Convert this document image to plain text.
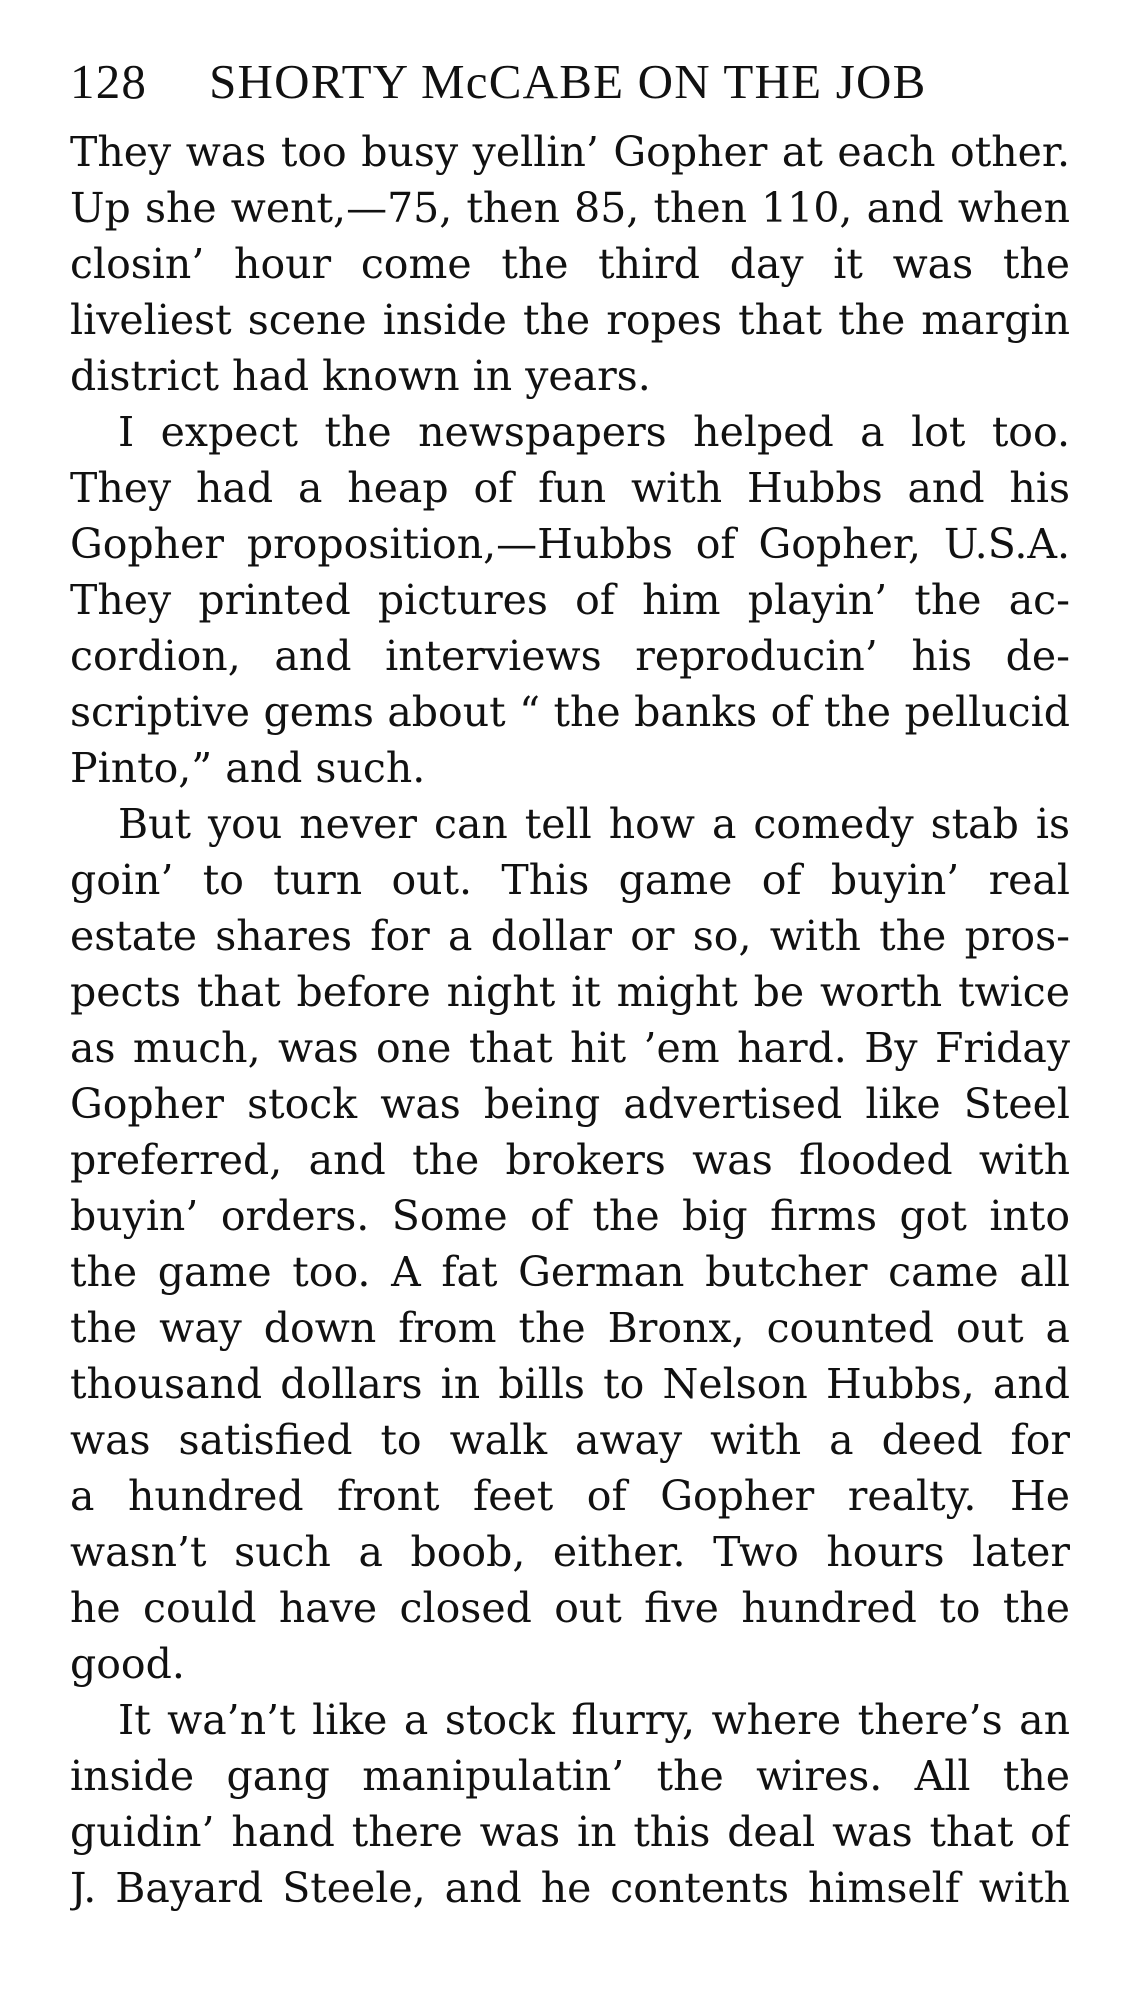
128 SHORTY McCABE ON THE JOB
They was too busy yellin’ Gopher at each other.
Up she went,—75, then 85, then 110, and when
closin’ hour come the third day it was the
liveliest scene inside the ropes that the margin
district had known in years.
I expect the newspapers helped a lot too.
They had a heap of fun with Hubbs and his
Gopher proposition,—Hubbs of Gopher, U.S.A.
They printed pictures of him playin’ the ac-
cordion, and interviews reproducin’ his de-
scriptive gems about “ the banks of the pellucid
Pinto,” and such.
But you never can tell how a comedy stab is
goin’ to turn out. This game of buyin’ real
estate shares for a dollar or so, with the pros-
pects that before night it might be worth twice
as much, was one that hit ’em hard. By Friday
Gopher stock was being advertised like Steel
preferred, and the brokers was flooded with
buyin’ orders. Some of the big firms got into
the game too. A fat German butcher came all
the way down from the Bronx, counted out a
thousand dollars in bills to Nelson Hubbs, and
was satisfied to walk away with a deed for
a hundred front feet of Gopher realty. He
wasn’t such a boob, either. Two hours later
he could have closed out five hundred to the
good.
It wa’n’t like a stock flurry, where there’s an
inside gang manipulatin’ the wires. All the
guidin’ hand there was in this deal was that of
J. Bayard Steele, and he contents himself with
